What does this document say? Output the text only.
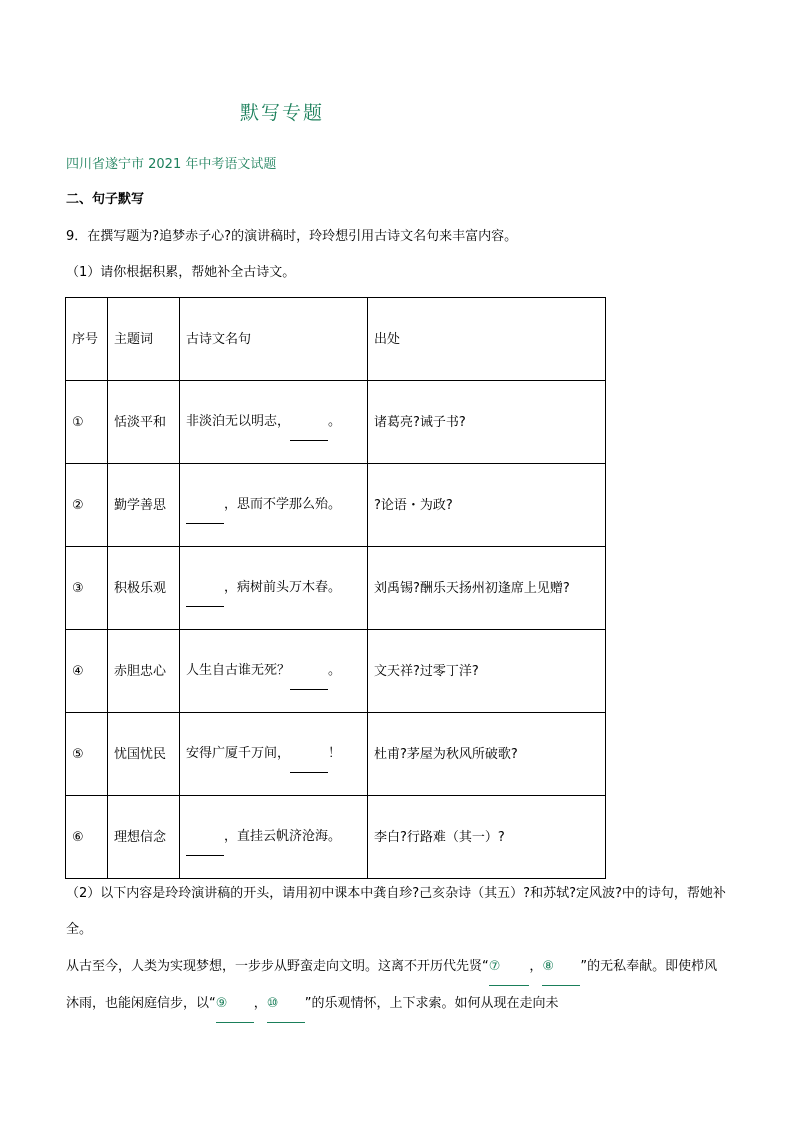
默写专题
四川省遂宁市 2021 年中考语文试题
二、句子默写
9．在撰写题为?追梦赤子心?的演讲稿时，玲玲想引用古诗文名句来丰富内容。
（1）请你根据积累，帮她补全古诗文。
序号	主题词	古诗文名句	出处
①	恬淡平和	非淡泊无以明志， 。	诸葛亮?诫子书?
②	勤学善思	，思而不学那么殆。	?论语・为政?
③	积极乐观	，病树前头万木春。	刘禹锡?酬乐天扬州初逢席上见赠?
④	赤胆忠心	人生自古谁无死？ 。	文天祥?过零丁洋?
⑤	忧国忧民	安得广厦千万间， ！	杜甫?茅屋为秋风所破歌?
⑥	理想信念	，直挂云帆济沧海。	李白?行路难（其一）?
（2）以下内容是玲玲演讲稿的开头，请用初中课本中龚自珍?己亥杂诗（其五）?和苏轼?定风波?中的诗句，帮她补全。
从古至今，人类为实现梦想，一步步从野蛮走向文明。这离不开历代先贤“⑦ ，⑧ ”的无私奉献。即使栉风沐雨，也能闲庭信步，以“⑨ ，⑩ ”的乐观情怀，上下求索。如何从现在走向未
